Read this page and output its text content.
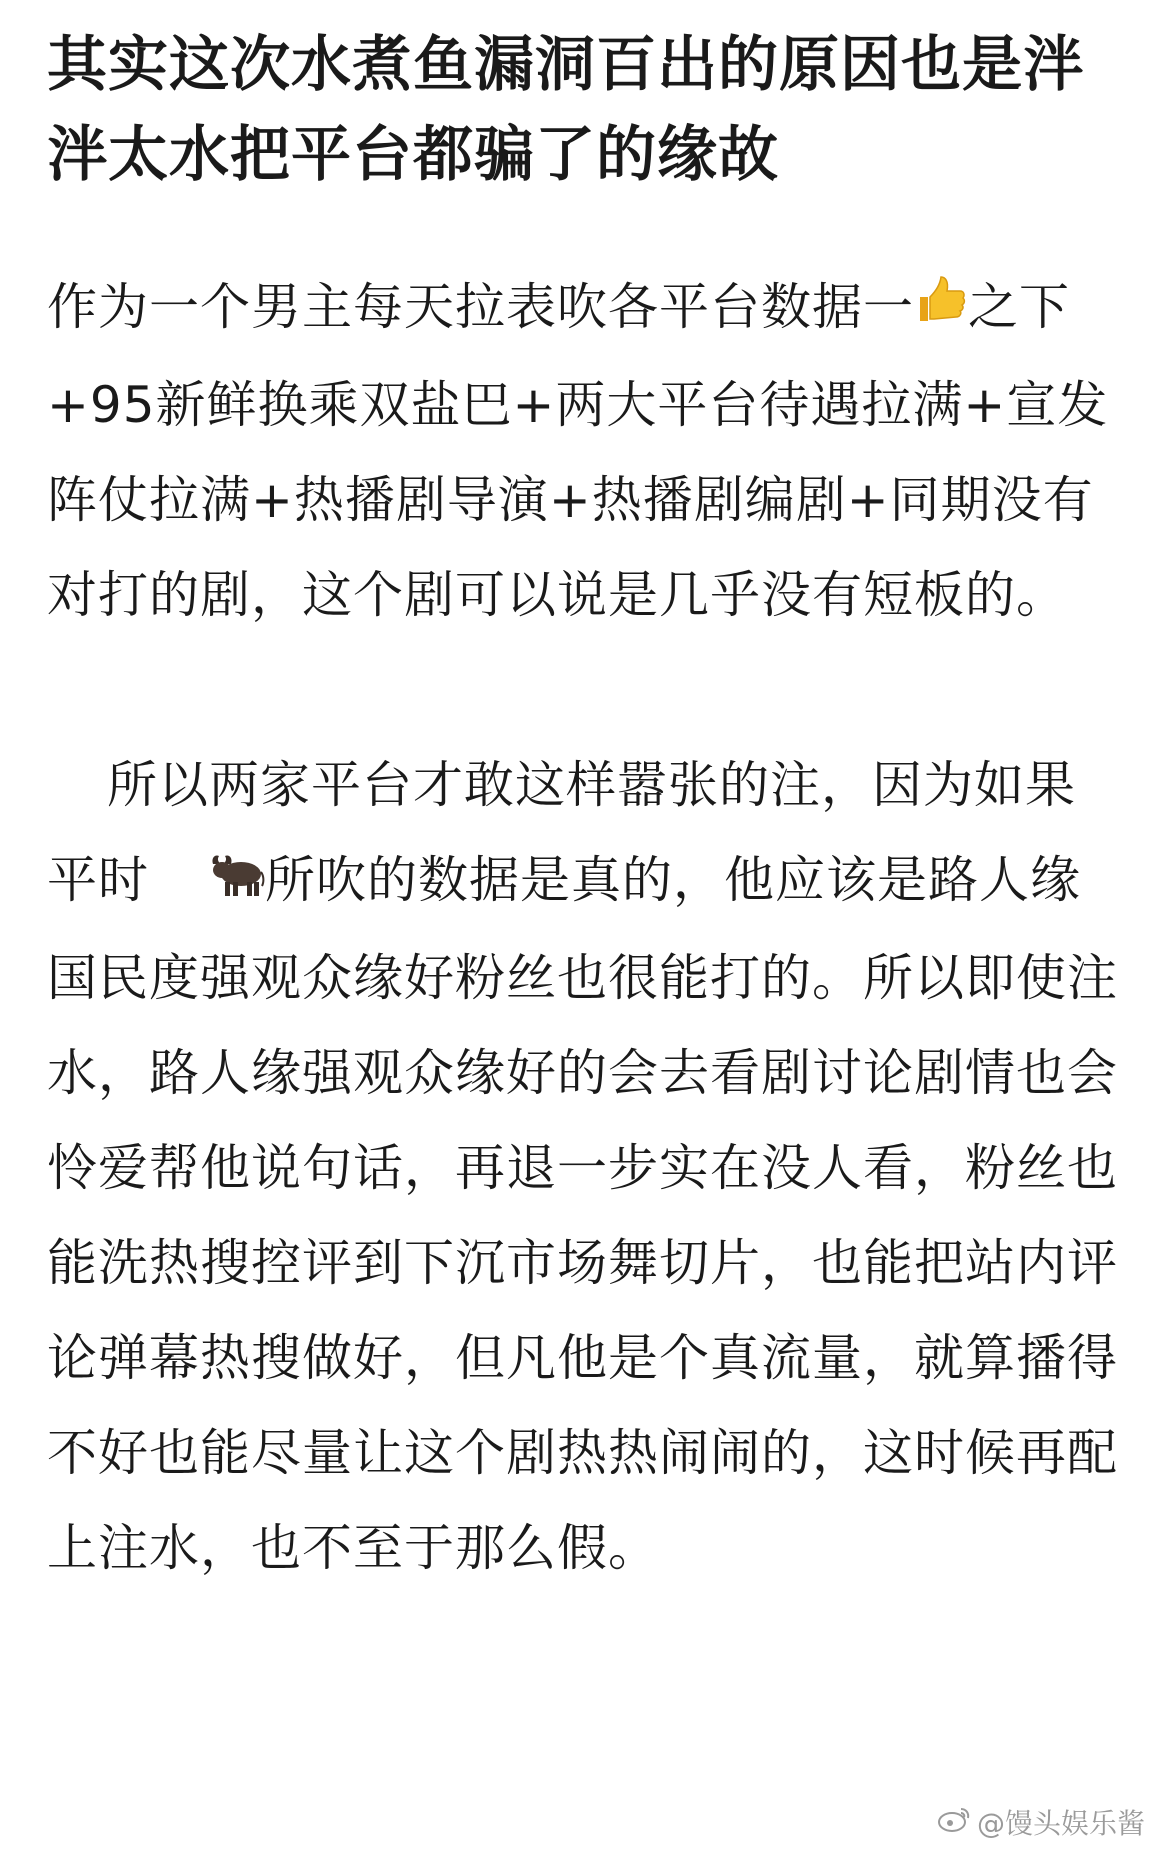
其实这次水煮鱼漏洞百出的原因也是泮泮太水把平台都骗了的缘故

作为一个男主每天拉表吹各平台数据一 之下+95新鲜换乘双盐巴+两大平台待遇拉满+宣发阵仗拉满+热播剧导演+热播剧编剧+同期没有对打的剧，这个剧可以说是几乎没有短板的。

所以两家平台才敢这样嚣张的注，因为如果平时 所吹的数据是真的，他应该是路人缘国民度强观众缘好粉丝也很能打的。所以即使注水，路人缘强观众缘好的会去看剧讨论剧情也会怜爱帮他说句话，再退一步实在没人看，粉丝也能洗热搜控评到下沉市场舞切片，也能把站内评论弹幕热搜做好，但凡他是个真流量，就算播得不好也能尽量让这个剧热热闹闹的，这时候再配上注水，也不至于那么假。

@馒头娱乐酱
